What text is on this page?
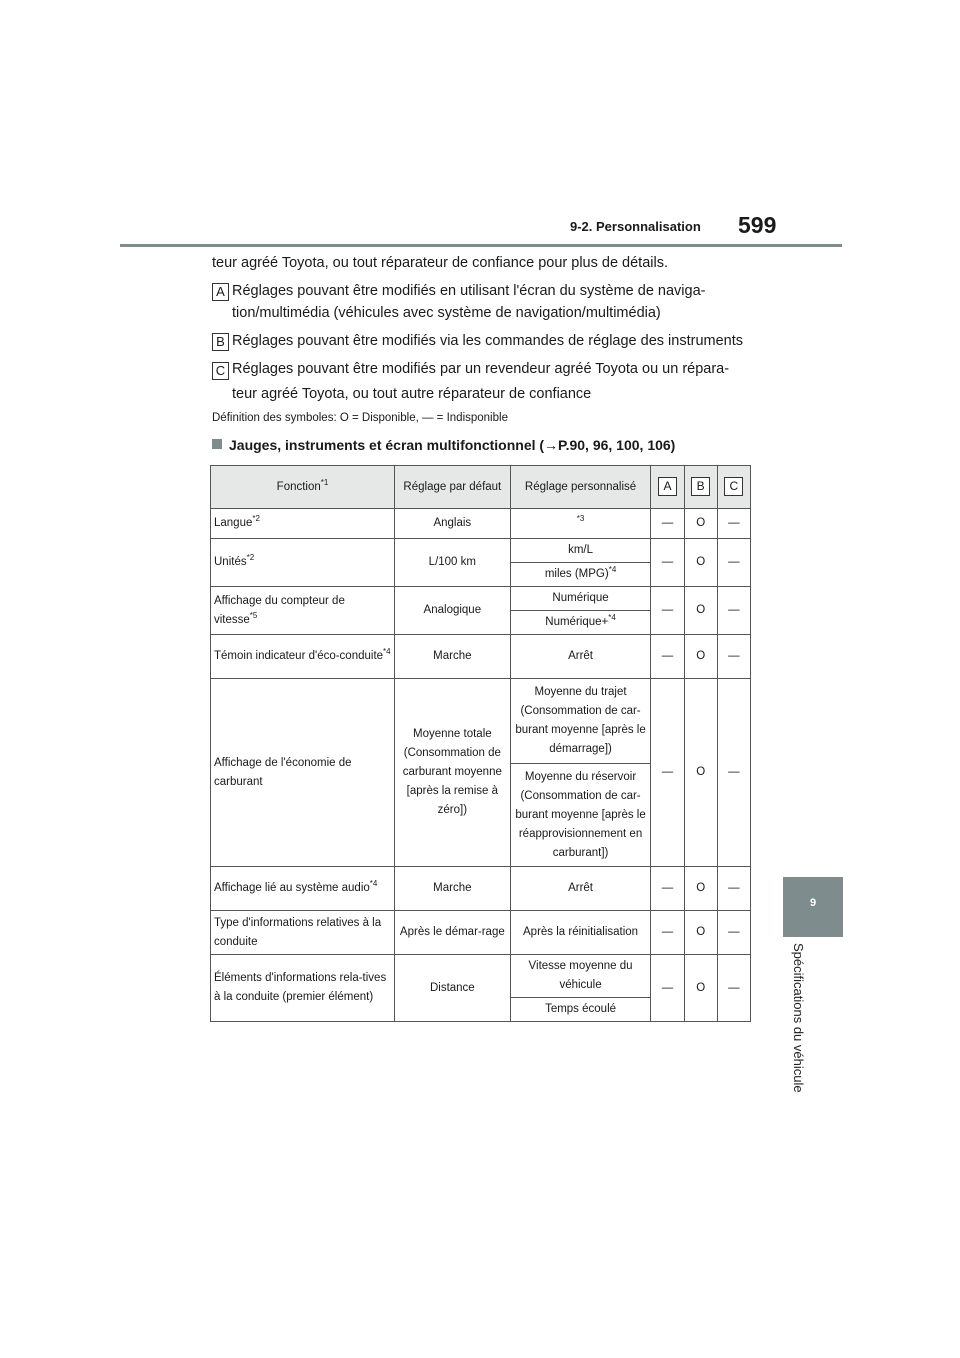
9-2. Personnalisation 599
9
Spécifications du véhicule
teur agréé Toyota, ou tout réparateur de confiance pour plus de détails.
A Réglages pouvant être modifiés en utilisant l'écran du système de naviga-
tion/multimédia (véhicules avec système de navigation/multimédia)
B Réglages pouvant être modifiés via les commandes de réglage des instruments
C Réglages pouvant être modifiés par un revendeur agréé Toyota ou un répara-
teur agréé Toyota, ou tout autre réparateur de confiance
Définition des symboles: O = Disponible, — = Indisponible
Jauges, instruments et écran multifonctionnel (→P.90, 96, 100, 106)
Fonction$^{*1}$	Réglage par défaut	Réglage personnalisé	A	B	C
Langue$^{*2}$	Anglais	$^{*3}$	—	O	—
Unités$^{*2}$	L/100 km	km/L	—	O	—
		miles (MPG)$^{*4}$
Affichage du compteur de vitesse$^{*5}$	Analogique	Numérique	—	O	—
		Numérique+$^{*4}$
Témoin indicateur d'éco-conduite$^{*4}$	Marche	Arrêt	—	O	—
Affichage de l'économie de carburant	Moyenne totale (Consommation de carburant moyenne [après la remise à zéro])	Moyenne du trajet (Consommation de car-burant moyenne [après le démarrage])	—	O	—
		Moyenne du réservoir (Consommation de car-burant moyenne [après le réapprovisionnement en carburant])			
Affichage lié au système audio$^{*4}$	Marche	Arrêt	—	O	—
Type d'informations relatives à la conduite	Après le démar-rage	Après la réinitialisation	—	O	—
Éléments d'informations rela-tives à la conduite (premier élément)	Distance	Vitesse moyenne du véhicule	—	O	—
		Temps écoulé			
